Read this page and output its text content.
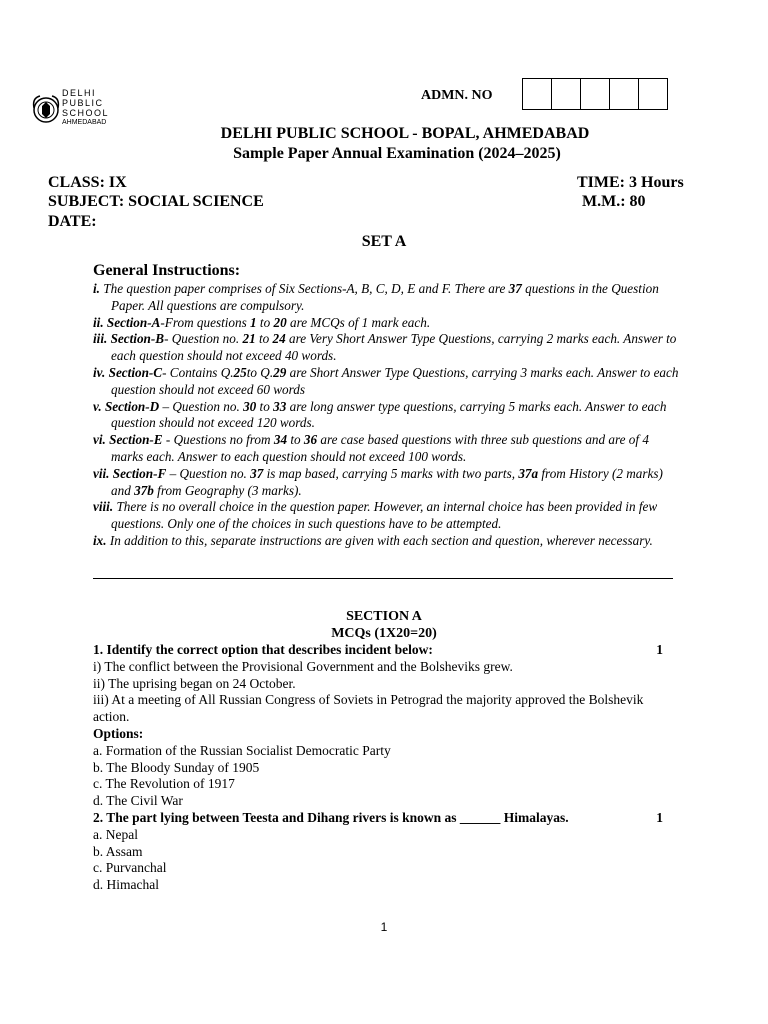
DELHI
PUBLIC
SCHOOL
AHMEDABAD
ADMN. NO
DELHI PUBLIC SCHOOL - BOPAL, AHMEDABAD
Sample Paper Annual Examination (2024–2025)
CLASS: IX	TIME: 3 Hours
SUBJECT: SOCIAL SCIENCE	M.M.: 80
DATE:
SET A
General Instructions:

i. The question paper comprises of Six Sections-A, B, C, D, E and F. There are 37 questions in the Question Paper. All questions are compulsory.

ii. Section-A-From questions 1 to 20 are MCQs of 1 mark each.

iii. Section-B- Question no. 21 to 24 are Very Short Answer Type Questions, carrying 2 marks each. Answer to each question should not exceed 40 words.

iv. Section-C- Contains Q.25to Q.29 are Short Answer Type Questions, carrying 3 marks each. Answer to each question should not exceed 60 words

v. Section-D – Question no. 30 to 33 are long answer type questions, carrying 5 marks each. Answer to each question should not exceed 120 words.

vi. Section-E - Questions no from 34 to 36 are case based questions with three sub questions and are of 4 marks each. Answer to each question should not exceed 100 words.

vii. Section-F – Question no. 37 is map based, carrying 5 marks with two parts, 37a from History (2 marks) and 37b from Geography (3 marks).

viii. There is no overall choice in the question paper. However, an internal choice has been provided in few questions. Only one of the choices in such questions have to be attempted.

ix. In addition to this, separate instructions are given with each section and question, wherever necessary.

SECTION A
MCQs (1X20=20)
1. Identify the correct option that describes incident below:	1

i) The conflict between the Provisional Government and the Bolsheviks grew.

ii) The uprising began on 24 October.

iii) At a meeting of All Russian Congress of Soviets in Petrograd the majority approved the Bolshevik action.

Options:

a. Formation of the Russian Socialist Democratic Party

b. The Bloody Sunday of 1905

c. The Revolution of 1917

d. The Civil War

2. The part lying between Teesta and Dihang rivers is known as ______ Himalayas.	1

a. Nepal

b. Assam

c. Purvanchal

d. Himachal

1
